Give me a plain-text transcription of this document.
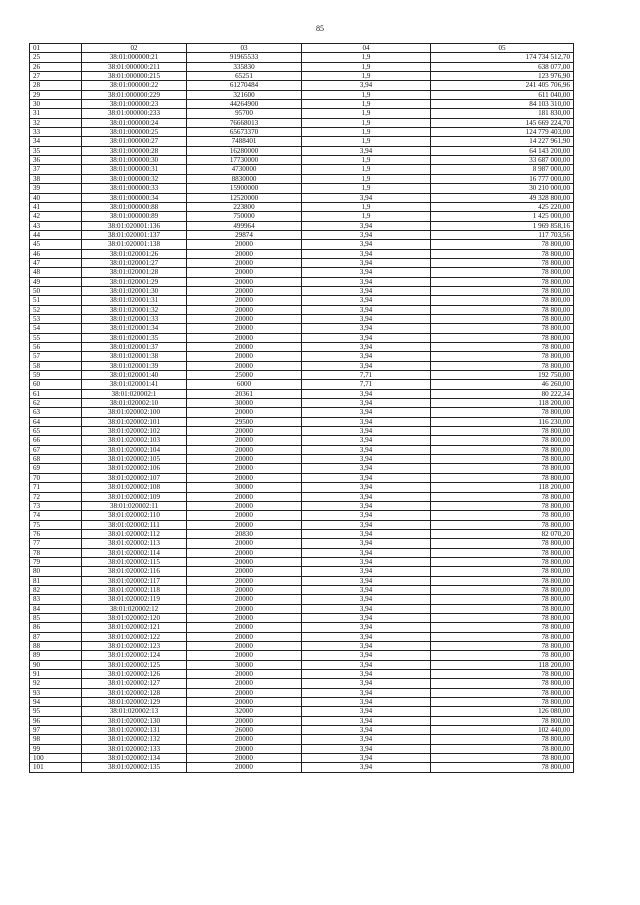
85
01	02	03	04	05
25	38:01:000000:21	91965533	1,9	174 734 512,70
26	38:01:000000:211	335830	1,9	638 077,00
27	38:01:000000:215	65251	1,9	123 976,90
28	38:01:000000:22	61270484	3,94	241 405 706,96
29	38:01:000000:229	321600	1,9	611 040,00
30	38:01:000000:23	44264900	1,9	84 103 310,00
31	38:01:000000:233	95700	1,9	181 830,00
32	38:01:000000:24	76668013	1,9	145 669 224,70
33	38:01:000000:25	65673370	1,9	124 779 403,00
34	38:01:000000:27	7488401	1,9	14 227 961,90
35	38:01:000000:28	16280000	3,94	64 143 200,00
36	38:01:000000:30	17730000	1,9	33 687 000,00
37	38:01:000000:31	4730000	1,9	8 987 000,00
38	38:01:000000:32	8830000	1,9	16 777 000,00
39	38:01:000000:33	15900000	1,9	30 210 000,00
40	38:01:000000:34	12520000	3,94	49 328 800,00
41	38:01:000000:88	223800	1,9	425 220,00
42	38:01:000000:89	750000	1,9	1 425 000,00
43	38:01:020001:136	499964	3,94	1 969 858,16
44	38:01:020001:137	29874	3,94	117 703,56
45	38:01:020001:138	20000	3,94	78 800,00
46	38:01:020001:26	20000	3,94	78 800,00
47	38:01:020001:27	20000	3,94	78 800,00
48	38:01:020001:28	20000	3,94	78 800,00
49	38:01:020001:29	20000	3,94	78 800,00
50	38:01:020001:30	20000	3,94	78 800,00
51	38:01:020001:31	20000	3,94	78 800,00
52	38:01:020001:32	20000	3,94	78 800,00
53	38:01:020001:33	20000	3,94	78 800,00
54	38:01:020001:34	20000	3,94	78 800,00
55	38:01:020001:35	20000	3,94	78 800,00
56	38:01:020001:37	20000	3,94	78 800,00
57	38:01:020001:38	20000	3,94	78 800,00
58	38:01:020001:39	20000	3,94	78 800,00
59	38:01:020001:40	25000	7,71	192 750,00
60	38:01:020001:41	6000	7,71	46 260,00
61	38:01:020002:1	20361	3,94	80 222,34
62	38:01:020002:10	30000	3,94	118 200,00
63	38:01:020002:100	20000	3,94	78 800,00
64	38:01:020002:101	29500	3,94	116 230,00
65	38:01:020002:102	20000	3,94	78 800,00
66	38:01:020002:103	20000	3,94	78 800,00
67	38:01:020002:104	20000	3,94	78 800,00
68	38:01:020002:105	20000	3,94	78 800,00
69	38:01:020002:106	20000	3,94	78 800,00
70	38:01:020002:107	20000	3,94	78 800,00
71	38:01:020002:108	30000	3,94	118 200,00
72	38:01:020002:109	20000	3,94	78 800,00
73	38:01:020002:11	20000	3,94	78 800,00
74	38:01:020002:110	20000	3,94	78 800,00
75	38:01:020002:111	20000	3,94	78 800,00
76	38:01:020002:112	20830	3,94	82 070,20
77	38:01:020002:113	20000	3,94	78 800,00
78	38:01:020002:114	20000	3,94	78 800,00
79	38:01:020002:115	20000	3,94	78 800,00
80	38:01:020002:116	20000	3,94	78 800,00
81	38:01:020002:117	20000	3,94	78 800,00
82	38:01:020002:118	20000	3,94	78 800,00
83	38:01:020002:119	20000	3,94	78 800,00
84	38:01:020002:12	20000	3,94	78 800,00
85	38:01:020002:120	20000	3,94	78 800,00
86	38:01:020002:121	20000	3,94	78 800,00
87	38:01:020002:122	20000	3,94	78 800,00
88	38:01:020002:123	20000	3,94	78 800,00
89	38:01:020002:124	20000	3,94	78 800,00
90	38:01:020002:125	30000	3,94	118 200,00
91	38:01:020002:126	20000	3,94	78 800,00
92	38:01:020002:127	20000	3,94	78 800,00
93	38:01:020002:128	20000	3,94	78 800,00
94	38:01:020002:129	20000	3,94	78 800,00
95	38:01:020002:13	32000	3,94	126 080,00
96	38:01:020002:130	20000	3,94	78 800,00
97	38:01:020002:131	26000	3,94	102 440,00
98	38:01:020002:132	20000	3,94	78 800,00
99	38:01:020002:133	20000	3,94	78 800,00
100	38:01:020002:134	20000	3,94	78 800,00
101	38:01:020002:135	20000	3,94	78 800,00
